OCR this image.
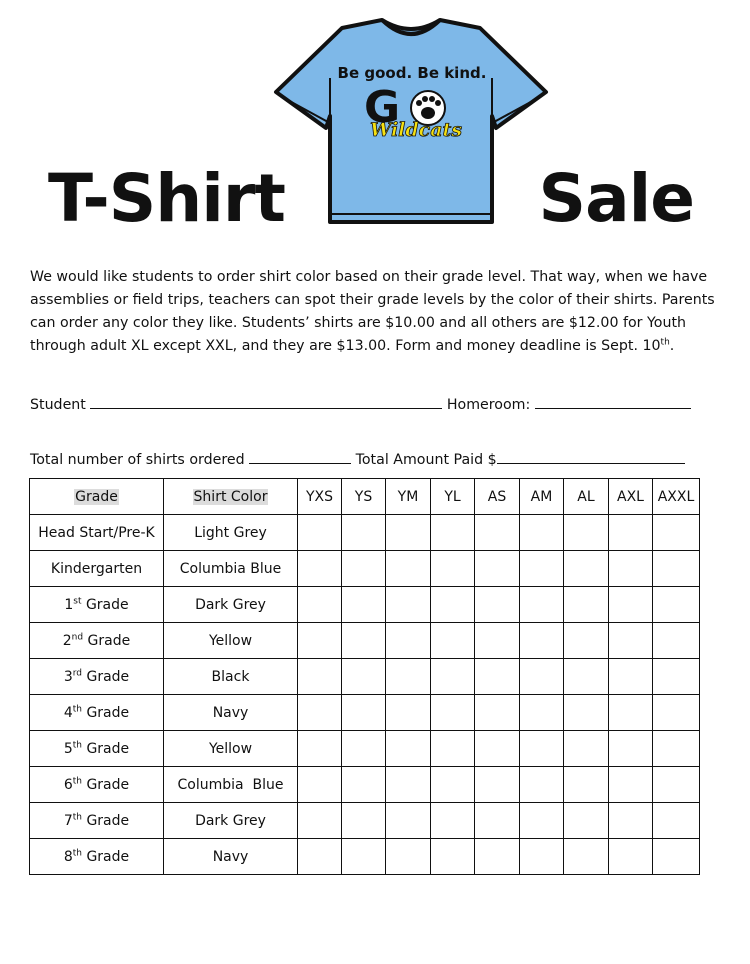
T-Shirt	Sale
Be good. Be kind.
G
Wildcats

We would like students to order shirt color based on their grade level. That way, when we have assemblies or field trips, teachers can spot their grade levels by the color of their shirts. Parents can order any color they like. Students’ shirts are $10.00 and all others are $12.00 for Youth through adult XL except XXL, and they are $13.00. Form and money deadline is Sept. 10th.

Student	Homeroom:

Total number of shirts ordered	Total Amount Paid $

Grade	Shirt Color	YXS	YS	YM	YL	AS	AM	AL	AXL	AXXL
Head Start/Pre-K	Light Grey									
Kindergarten	Columbia Blue									
1st Grade	Dark Grey									
2nd Grade	Yellow									
3rd Grade	Black									
4th Grade	Navy									
5th Grade	Yellow									
6th Grade	Columbia  Blue									
7th Grade	Dark Grey									
8th Grade	Navy									
